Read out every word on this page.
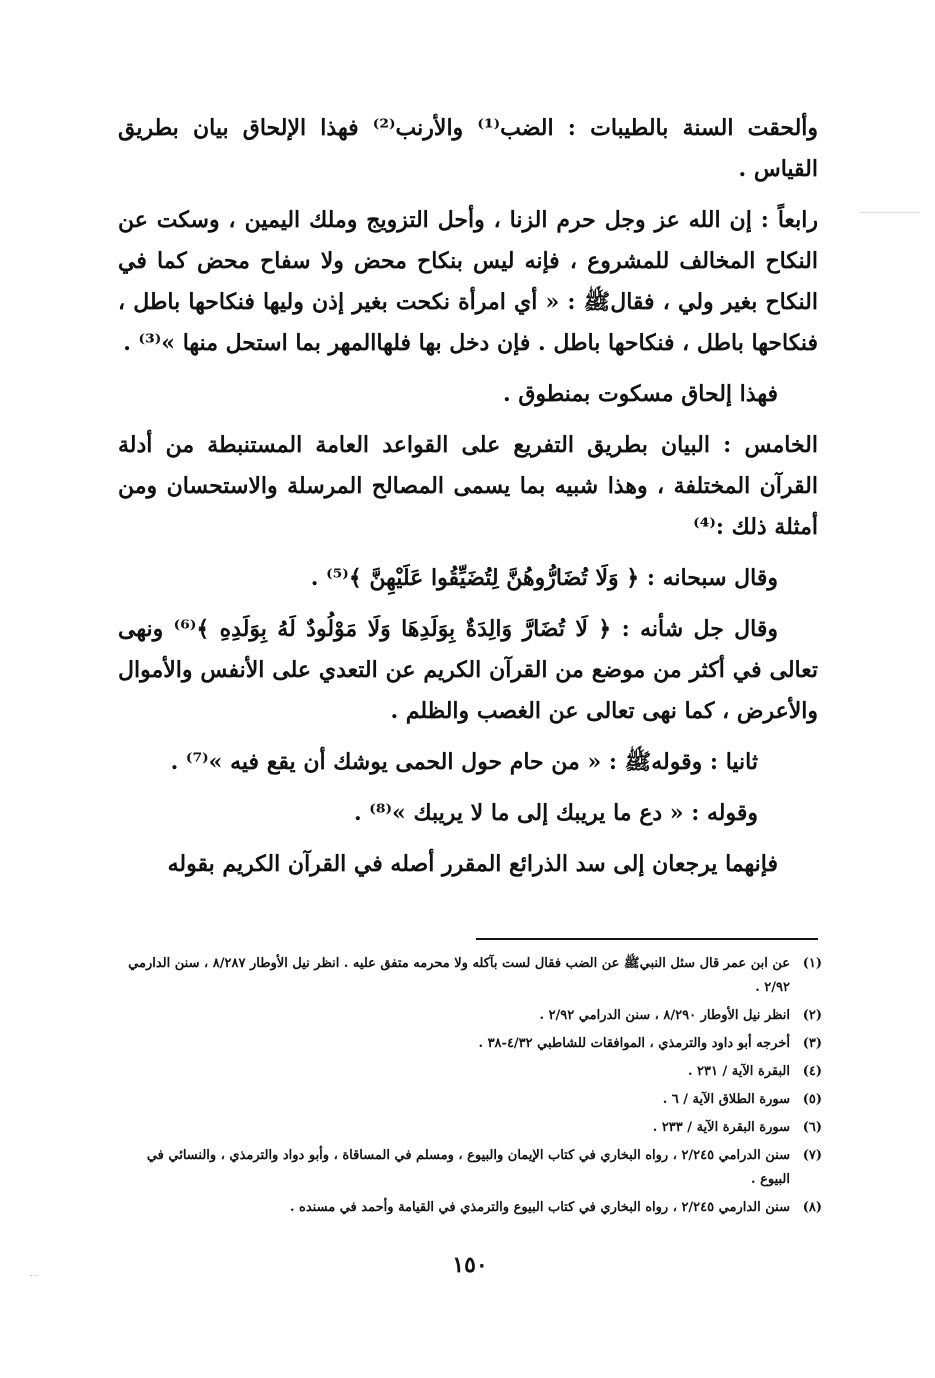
وألحقت السنة بالطيبات : الضب⁽¹⁾ والأرنب⁽²⁾ فهذا الإلحاق بيان بطريق القياس .

رابعاً : إن الله عز وجل حرم الزنا ، وأحل التزويج وملك اليمين ، وسكت عن النكاح المخالف للمشروع ، فإنه ليس بنكاح محض ولا سفاح محض كما في النكاح بغير ولي ، فقالﷺ : « أي امرأة نكحت بغير إذن وليها فنكاحها باطل ، فنكاحها باطل ، فنكاحها باطل . فإن دخل بها فلهاالمهر بما استحل منها »⁽³⁾ .

فهذا إلحاق مسكوت بمنطوق .

الخامس : البيان بطريق التفريع على القواعد العامة المستنبطة من أدلة القرآن المختلفة ، وهذا شبيه بما يسمى المصالح المرسلة والاستحسان ومن أمثلة ذلك :⁽⁴⁾

وقال سبحانه : ﴿ وَلَا تُضَارُّوهُنَّ لِتُضَيِّقُوا عَلَيْهِنَّ ﴾⁽⁵⁾ .

وقال جل شأنه : ﴿ لَا تُضَارَّ وَالِدَةٌ بِوَلَدِهَا وَلَا مَوْلُودٌ لَهُ بِوَلَدِهِ ﴾⁽⁶⁾ ونهى تعالى في أكثر من موضع من القرآن الكريم عن التعدي على الأنفس والأموال والأعرض ، كما نهى تعالى عن الغصب والظلم .

ثانيا : وقولهﷺ : « من حام حول الحمى يوشك أن يقع فيه »⁽⁷⁾ .

وقوله : « دع ما يريبك إلى ما لا يريبك »⁽⁸⁾ .

فإنهما يرجعان إلى سد الذرائع المقرر أصله في القرآن الكريم بقوله

(١)
عن ابن عمر قال سئل النبيﷺ عن الضب فقال لست بآكله ولا محرمه متفق عليه . انظر نيل الأوطار ٨/٢٨٧ ، سنن الدارمي ٢/٩٢ .
(٢)
انظر نيل الأوطار ٨/٢٩٠ ، سنن الدرامي ٢/٩٢ .
(٣)
أخرجه أبو داود والترمذي ، الموافقات للشاطبي ٤/٣٢-٣٨ .
(٤)
البقرة الآية / ٢٣١ .
(٥)
سورة الطلاق الآية / ٦ .
(٦)
سورة البقرة الآية / ٢٣٣ .
(٧)
سنن الدرامي ٢/٢٤٥ ، رواه البخاري في كتاب الإيمان والبيوع ، ومسلم في المساقاة ، وأبو دواد والترمذي ، والنسائي في البيوع .
(٨)
سنن الدارمي ٢/٢٤٥ ، رواه البخاري في كتاب البيوع والترمذي في القيامة وأحمد في مسنده .
١٥٠
